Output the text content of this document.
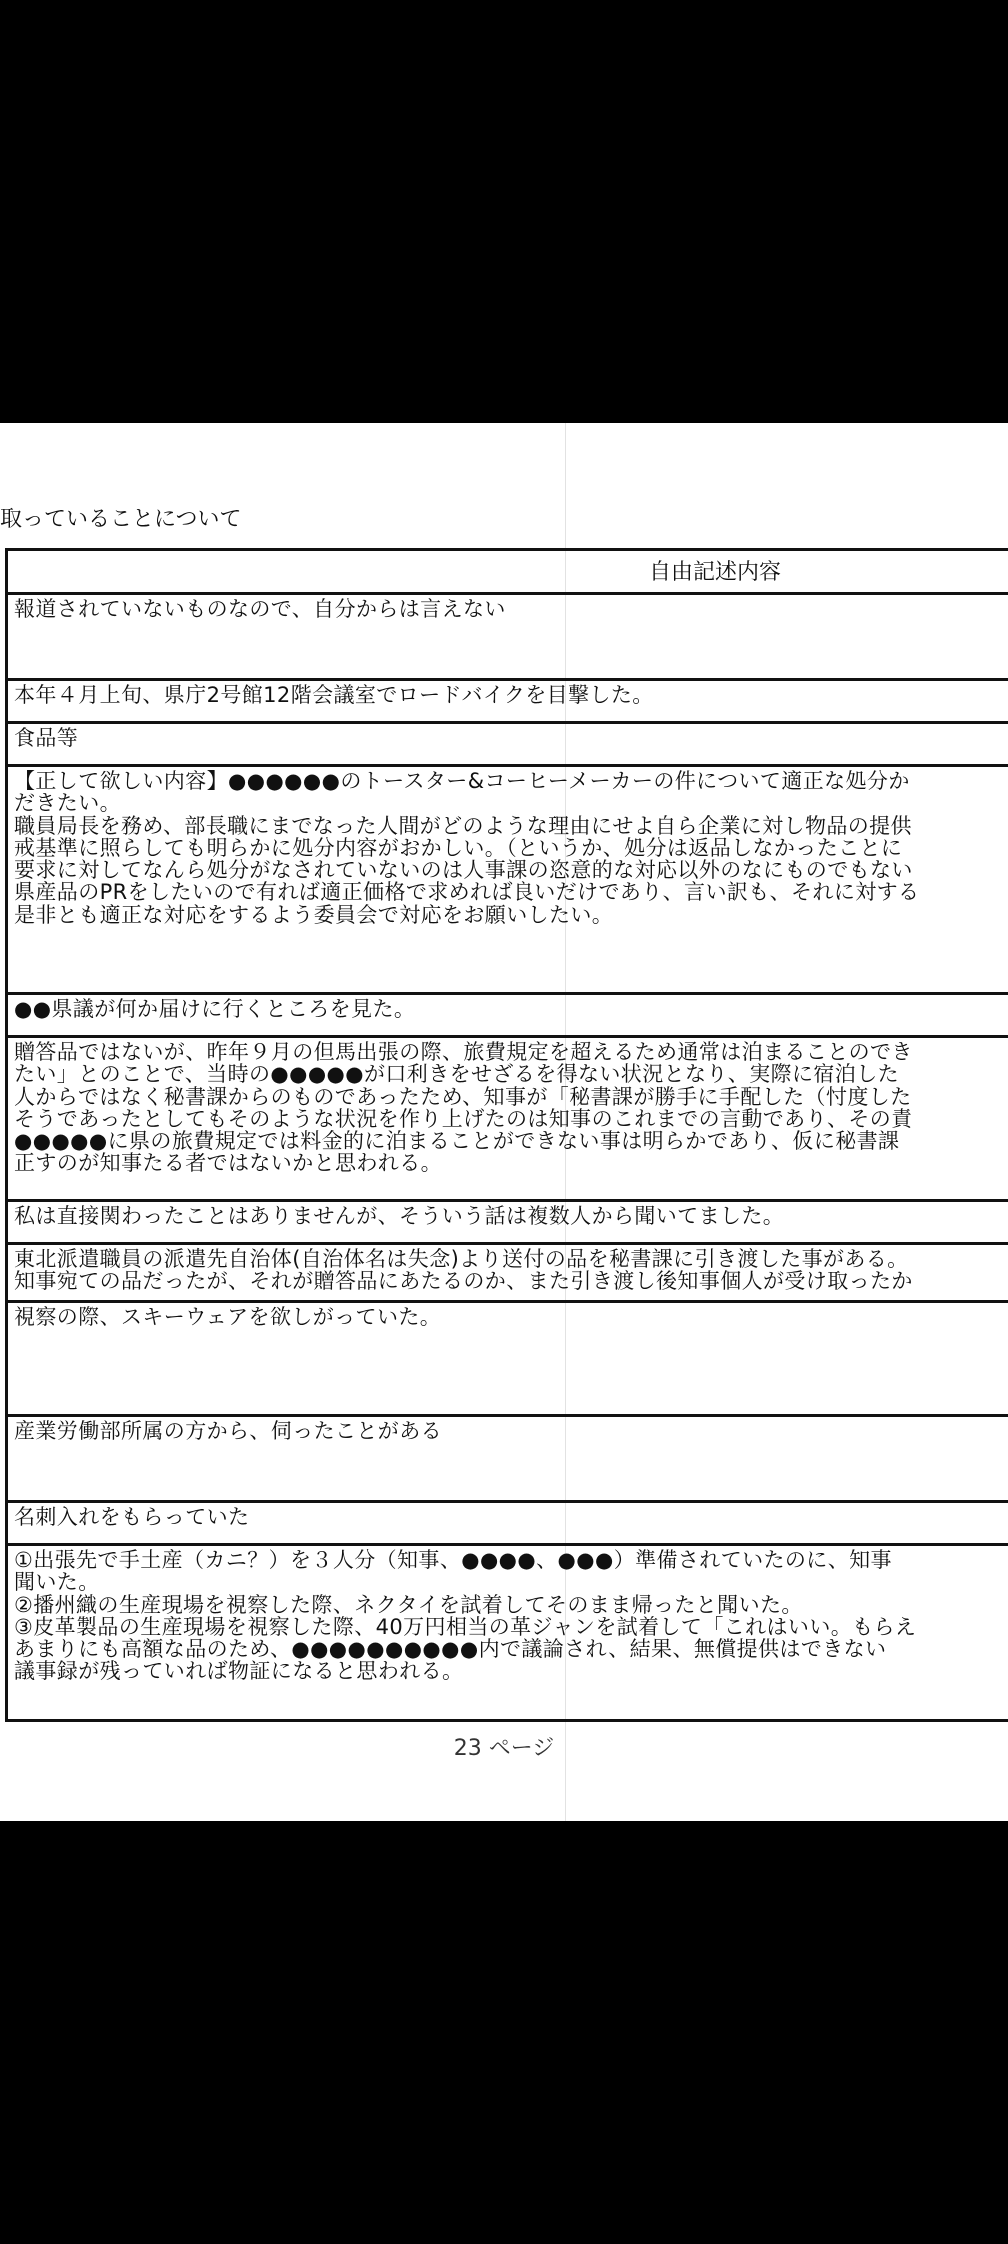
取っていることについて
自由記述内容
報道されていないものなので、自分からは言えない
本年４月上旬、県庁2号館12階会議室でロードバイクを目撃した。
食品等
【正して欲しい内容】●●●●●●のトースター&コーヒーメーカーの件について適正な処分か
だきたい。
職員局長を務め、部長職にまでなった人間がどのような理由にせよ自ら企業に対し物品の提供
戒基準に照らしても明らかに処分内容がおかしい。（というか、処分は返品しなかったことに
要求に対してなんら処分がなされていないのは人事課の恣意的な対応以外のなにものでもない
県産品のPRをしたいので有れば適正価格で求めれば良いだけであり、言い訳も、それに対する
是非とも適正な対応をするよう委員会で対応をお願いしたい。
●●県議が何か届けに行くところを見た。
贈答品ではないが、昨年９月の但馬出張の際、旅費規定を超えるため通常は泊まることのでき
たい」とのことで、当時の●●●●●が口利きをせざるを得ない状況となり、実際に宿泊した
人からではなく秘書課からのものであったため、知事が「秘書課が勝手に手配した（忖度した
そうであったとしてもそのような状況を作り上げたのは知事のこれまでの言動であり、その責
●●●●●に県の旅費規定では料金的に泊まることができない事は明らかであり、仮に秘書課
正すのが知事たる者ではないかと思われる。
私は直接関わったことはありませんが、そういう話は複数人から聞いてました。
東北派遣職員の派遣先自治体(自治体名は失念)より送付の品を秘書課に引き渡した事がある。
知事宛ての品だったが、それが贈答品にあたるのか、また引き渡し後知事個人が受け取ったか
視察の際、スキーウェアを欲しがっていた。
産業労働部所属の方から、伺ったことがある
名刺入れをもらっていた
①出張先で手土産（カニ？）を３人分（知事、●●●●、●●●）準備されていたのに、知事
聞いた。
②播州織の生産現場を視察した際、ネクタイを試着してそのまま帰ったと聞いた。
③皮革製品の生産現場を視察した際、40万円相当の革ジャンを試着して「これはいい。もらえ
あまりにも高額な品のため、●●●●●●●●●●内で議論され、結果、無償提供はできない
議事録が残っていれば物証になると思われる。
23 ページ
